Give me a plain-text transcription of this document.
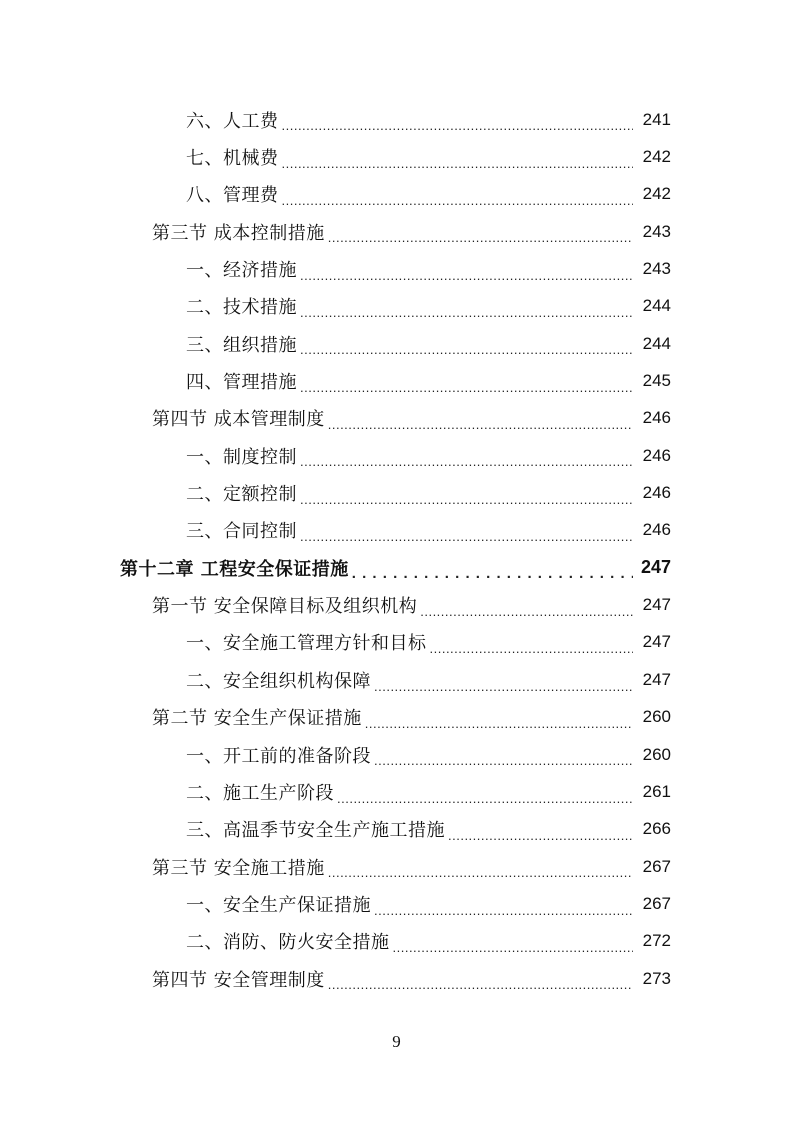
六、人工费 .....	241
七、机械费 .....	242
八、管理费 .....	242
第三节 成本控制措施 .....	243
一、经济措施 .....	243
二、技术措施 .....	244
三、组织措施 .....	244
四、管理措施 .....	245
第四节 成本管理制度 .....	246
一、制度控制 .....	246
二、定额控制 .....	246
三、合同控制 .....	246
第十二章 工程安全保证措施 . . .	247
第一节 安全保障目标及组织机构 .....	247
一、安全施工管理方针和目标 .....	247
二、安全组织机构保障 .....	247
第二节 安全生产保证措施 .....	260
一、开工前的准备阶段 .....	260
二、施工生产阶段 .....	261
三、高温季节安全生产施工措施 .....	266
第三节 安全施工措施 .....	267
一、安全生产保证措施 .....	267
二、消防、防火安全措施 .....	272
第四节 安全管理制度 .....	273
9
